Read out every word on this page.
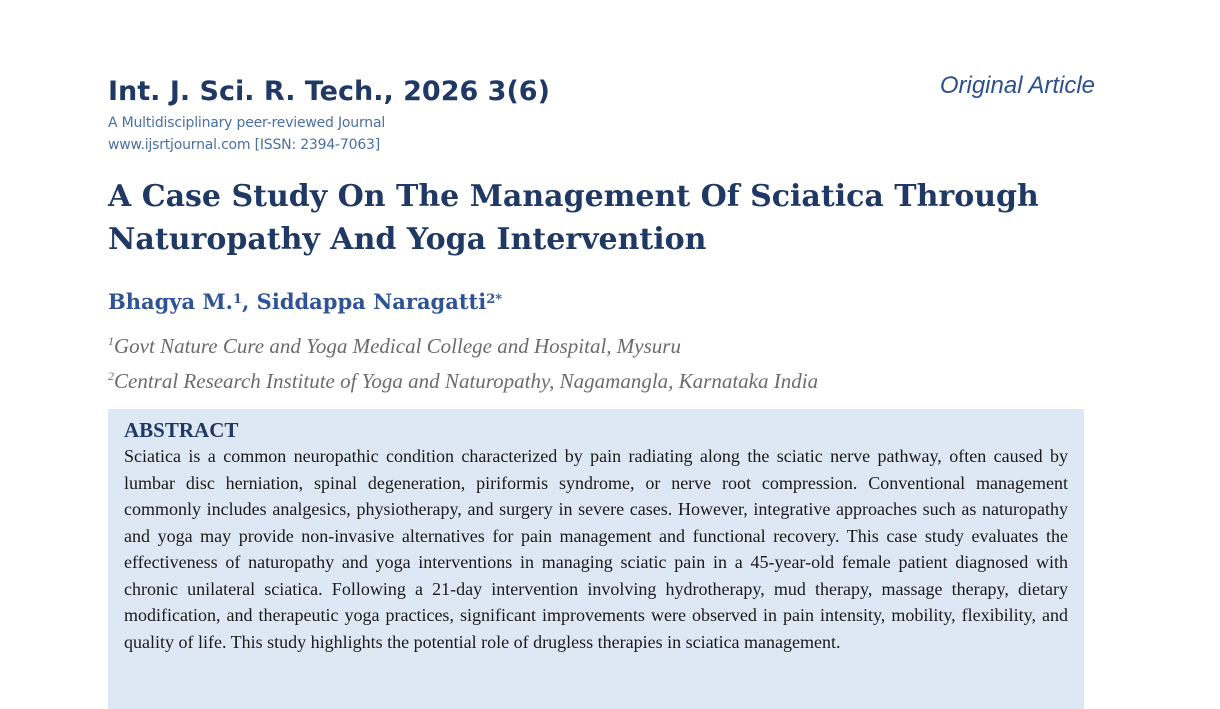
Int. J. Sci. R. Tech., 2026 3(6)

A Multidisciplinary peer-reviewed Journal

www.ijsrtjournal.com [ISSN: 2394-7063]

Original Article
A Case Study On The Management Of Sciatica Through Naturopathy And Yoga Intervention
Bhagya M.$^1$, Siddappa Naragatti$^{2*}$
$^1$Govt Nature Cure and Yoga Medical College and Hospital, Mysuru
$^2$Central Research Institute of Yoga and Naturopathy, Nagamangla, Karnataka India

ABSTRACT

Sciatica is a common neuropathic condition characterized by pain radiating along the sciatic nerve pathway, often caused by lumbar disc herniation, spinal degeneration, piriformis syndrome, or nerve root compression. Conventional management commonly includes analgesics, physiotherapy, and surgery in severe cases. However, integrative approaches such as naturopathy and yoga may provide non-invasive alternatives for pain management and functional recovery. This case study evaluates the effectiveness of naturopathy and yoga interventions in managing sciatic pain in a 45-year-old female patient diagnosed with chronic unilateral sciatica. Following a 21-day intervention involving hydrotherapy, mud therapy, massage therapy, dietary modification, and therapeutic yoga practices, significant improvements were observed in pain intensity, mobility, flexibility, and quality of life. This study highlights the potential role of drugless therapies in sciatica management.
